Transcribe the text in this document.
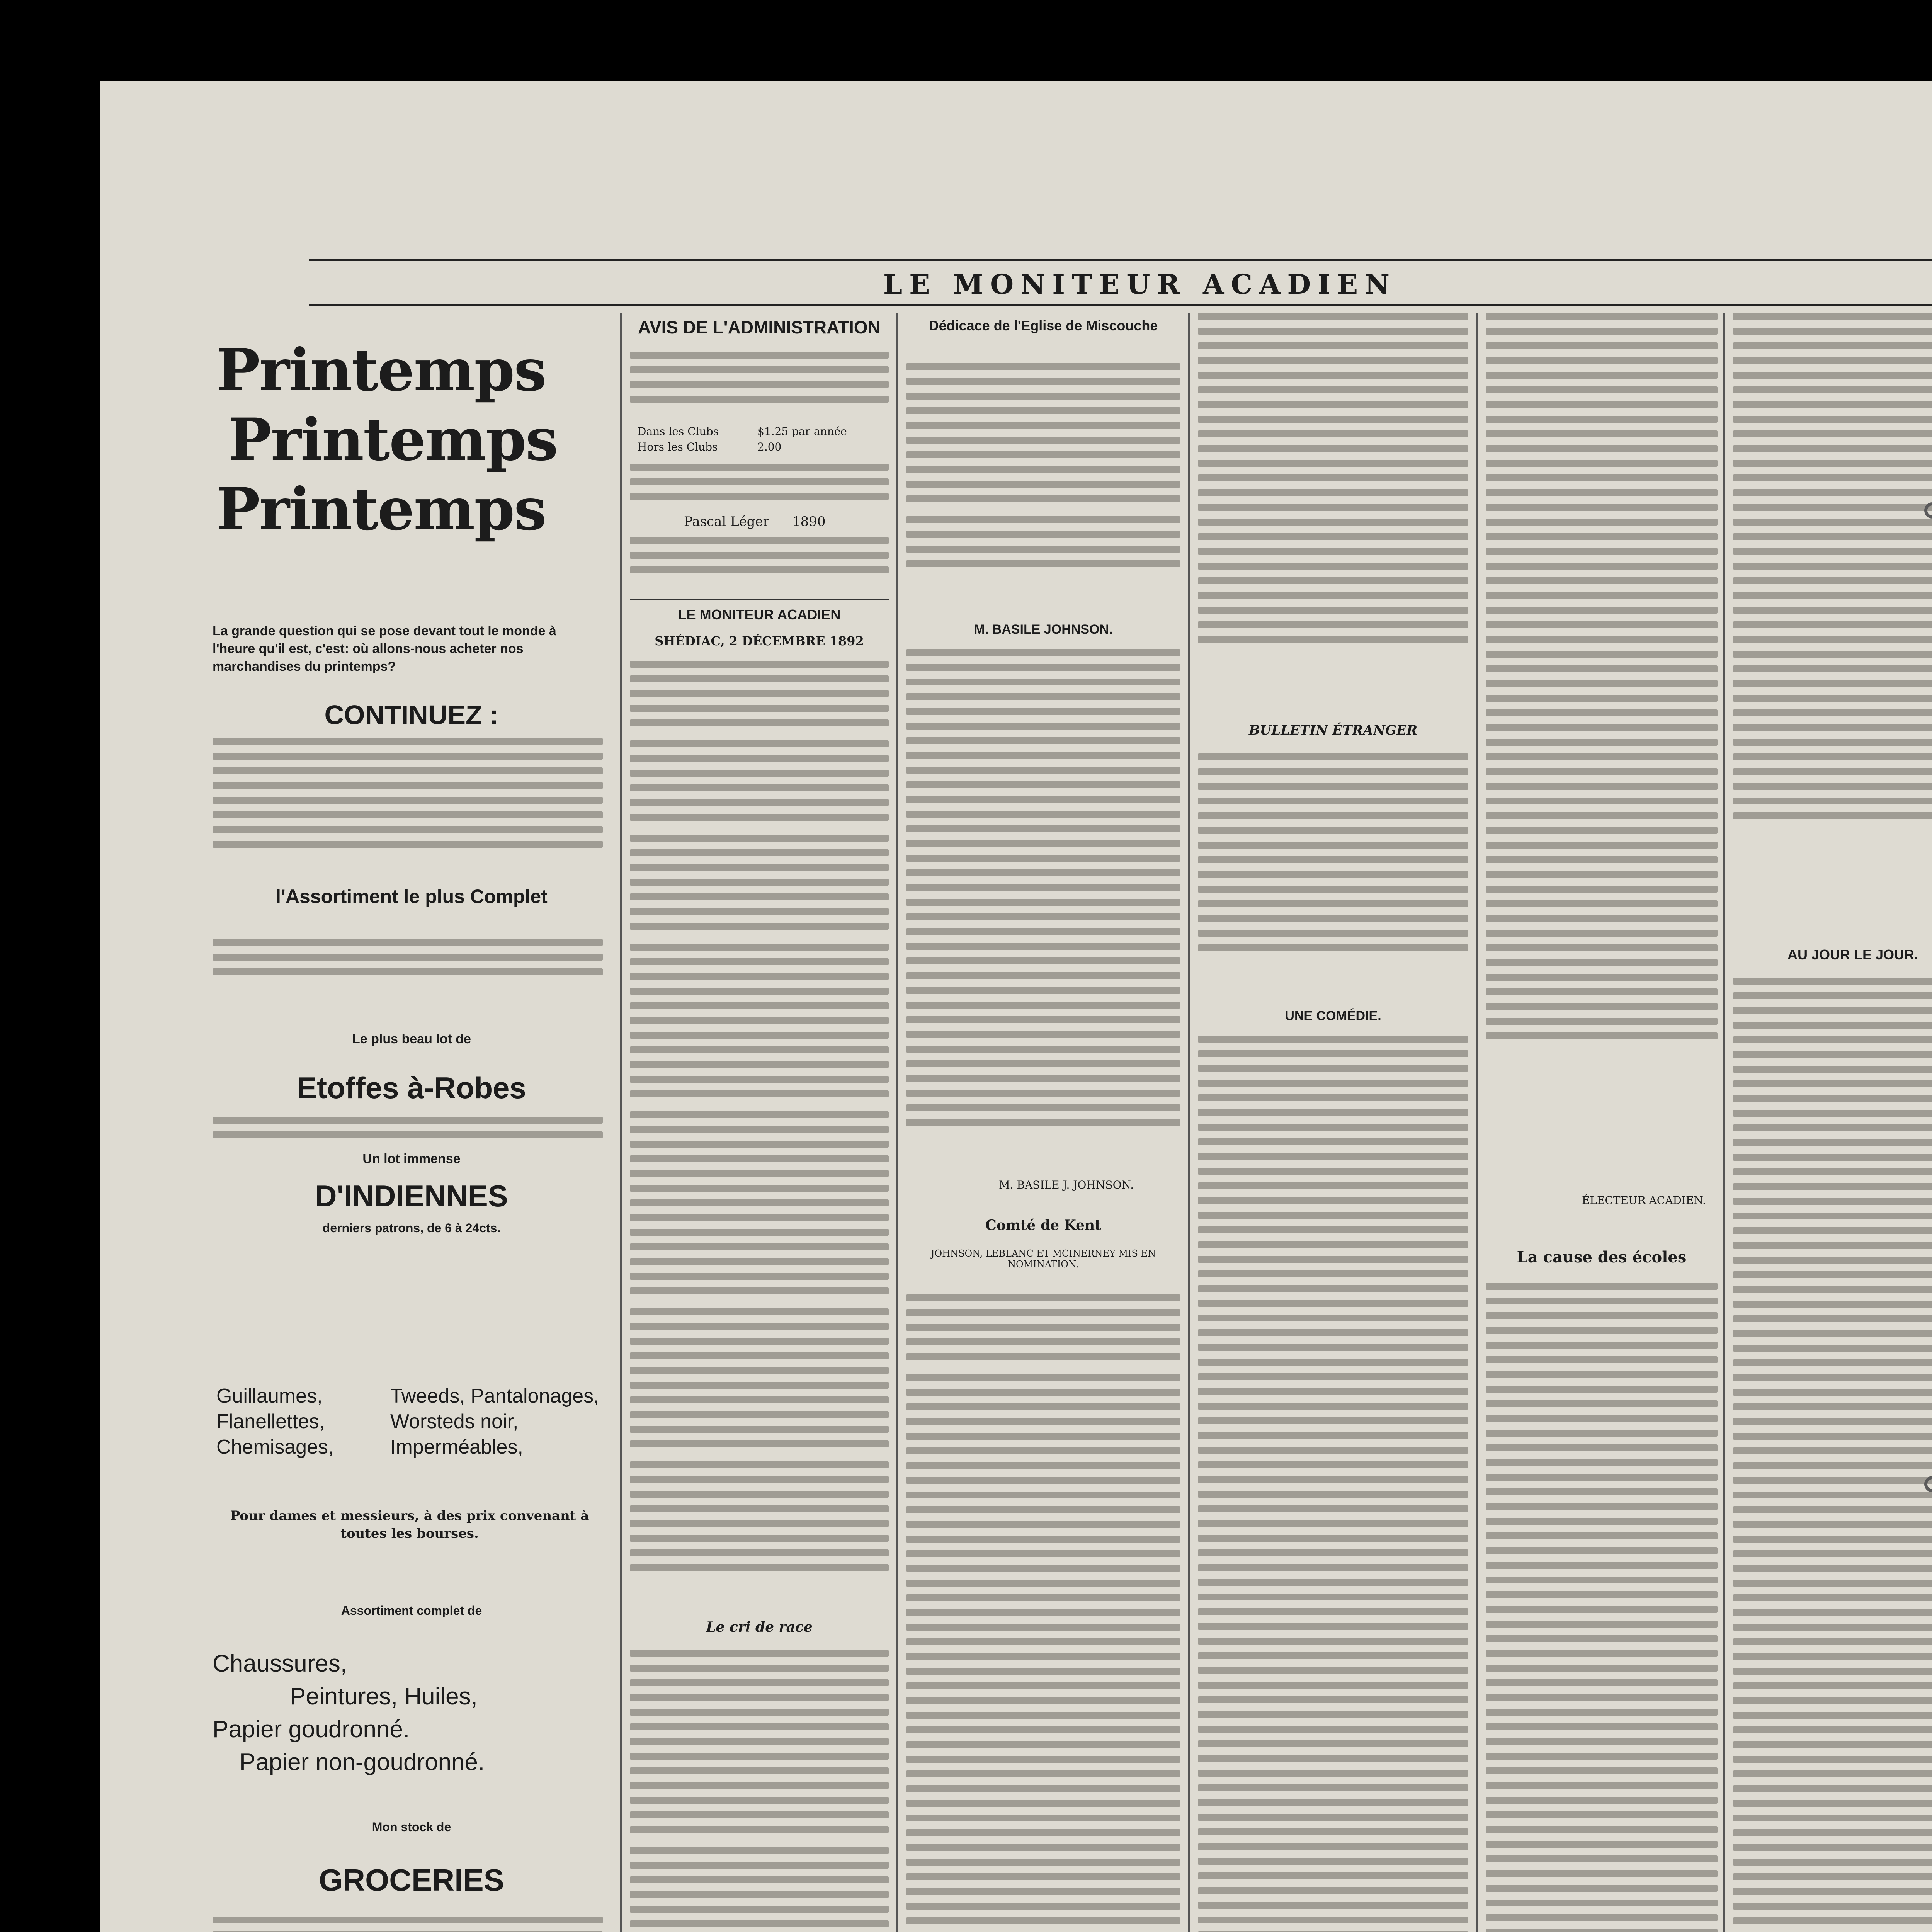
LE MONITEUR ACADIEN
Printemps
Printemps
Printemps
La grande question qui se pose devant tout le monde à l'heure qu'il est, c'est: où allons-nous acheter nos marchandises du printemps?
CONTINUEZ :
l'Assortiment le plus Complet
Le plus beau lot de
Etoffes à-Robes
Un lot immense
D'INDIENNES
derniers patrons, de 6 à 24cts.
Guillaumes, Flanellettes, Chemisages,
Tweeds, Pantalonages, Worsteds noir, Imperméables,
Pour dames et messieurs, à des prix convenant à toutes les bourses.
Assortiment complet de
Chaussures,
Peintures, Huiles,
Papier goudronné.
Papier non-goudronné.
Mon stock de
GROCERIES
AVIS DE L'ADMINISTRATION
Dans les Clubs	$1.25 par année
Hors les Clubs	2.00
Pascal Léger 1890
LE MONITEUR ACADIEN
SHÉDIAC, 2 DÉCEMBRE 1892
Le cri de race
Dédicace de l'Eglise de Miscouche
M. BASILE JOHNSON.
M. BASILE J. JOHNSON.
Comté de Kent
JOHNSON, LEBLANC ET MCINERNEY MIS EN NOMINATION.
BULLETIN ÉTRANGER
UNE COMÉDIE.
ÉLECTEUR ACADIEN.
La cause des écoles
AU JOUR LE JOUR.
